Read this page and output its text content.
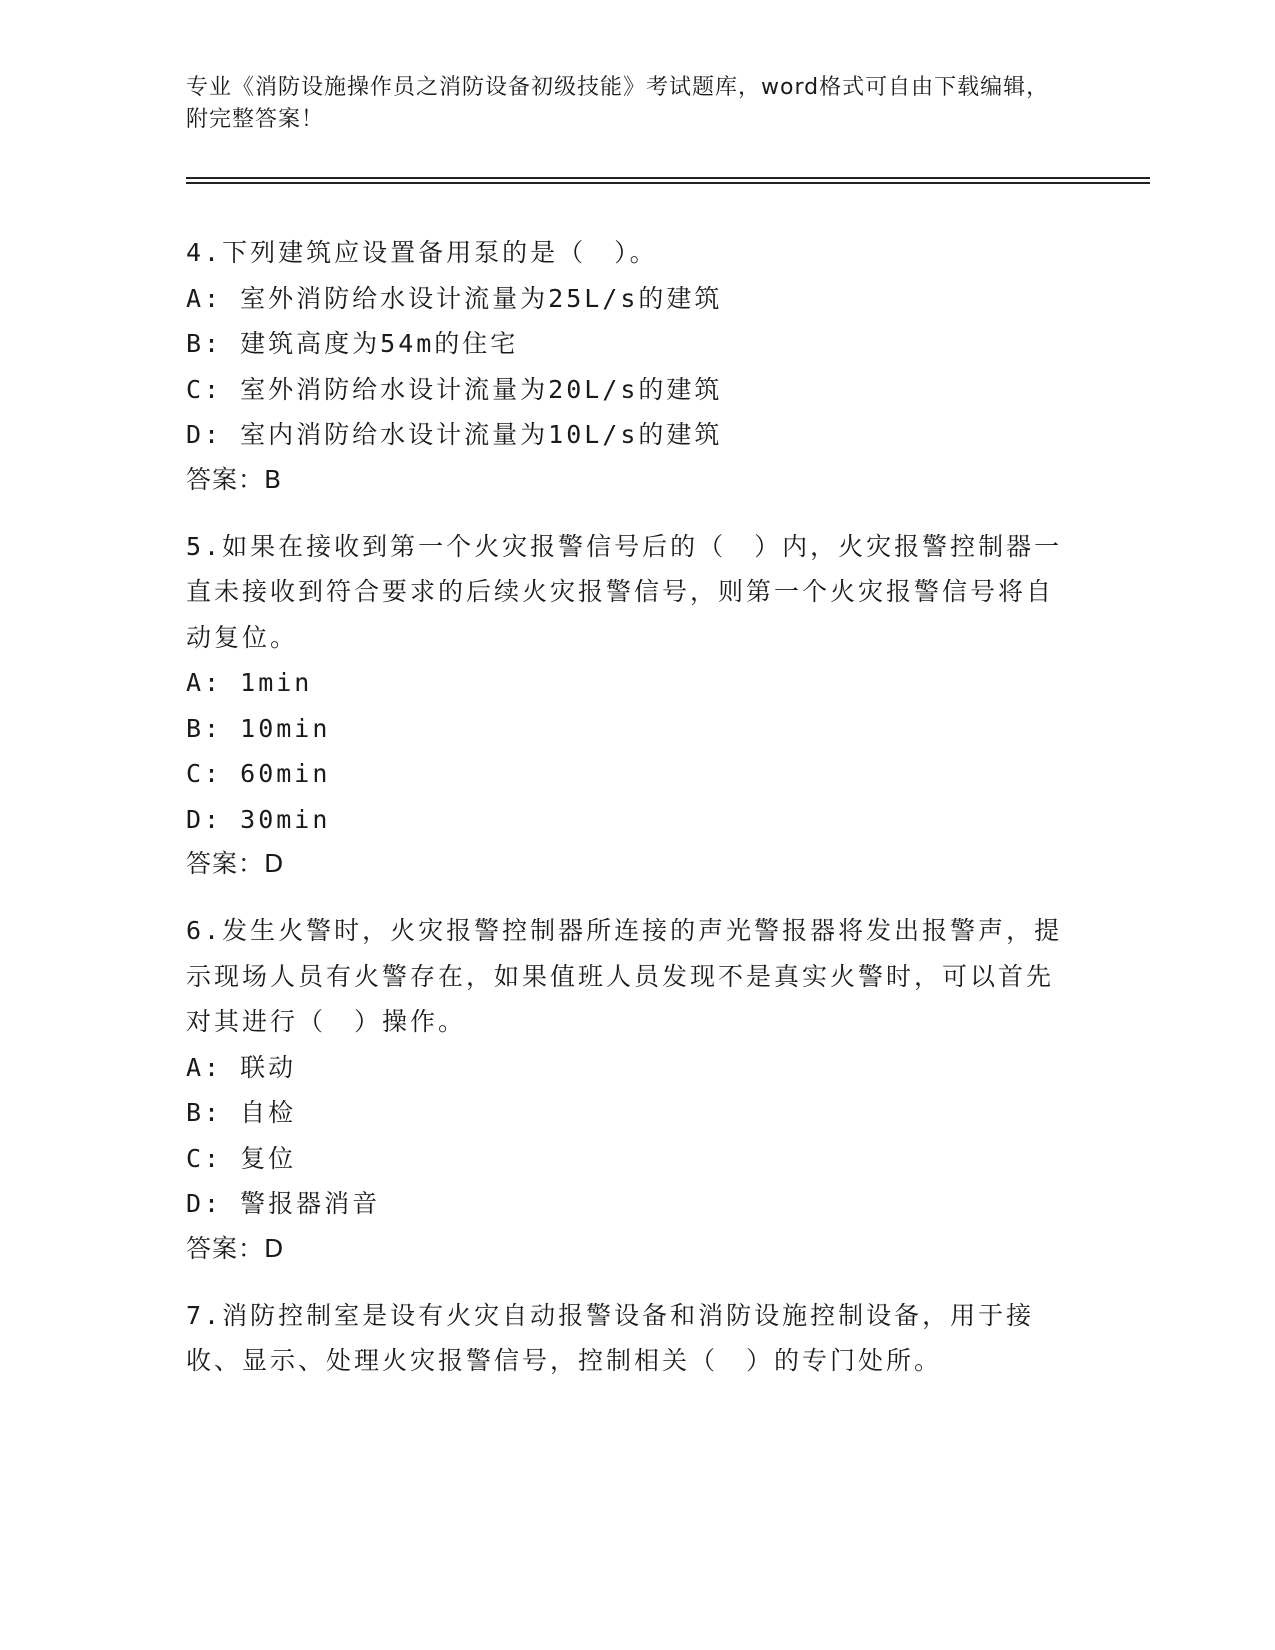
专业《消防设施操作员之消防设备初级技能》考试题库，word格式可自由下载编辑，附完整答案！
4.下列建筑应设置备用泵的是（　）。
A: 室外消防给水设计流量为25L/s的建筑
B: 建筑高度为54m的住宅
C: 室外消防给水设计流量为20L/s的建筑
D: 室内消防给水设计流量为10L/s的建筑
答案：B
5.如果在接收到第一个火灾报警信号后的（　）内，火灾报警控制器一直未接收到符合要求的后续火灾报警信号，则第一个火灾报警信号将自动复位。
A: 1min
B: 10min
C: 60min
D: 30min
答案：D
6.发生火警时，火灾报警控制器所连接的声光警报器将发出报警声，提示现场人员有火警存在，如果值班人员发现不是真实火警时，可以首先对其进行（　）操作。
A: 联动
B: 自检
C: 复位
D: 警报器消音
答案：D
7.消防控制室是设有火灾自动报警设备和消防设施控制设备，用于接收、显示、处理火灾报警信号，控制相关（　）的专门处所。
